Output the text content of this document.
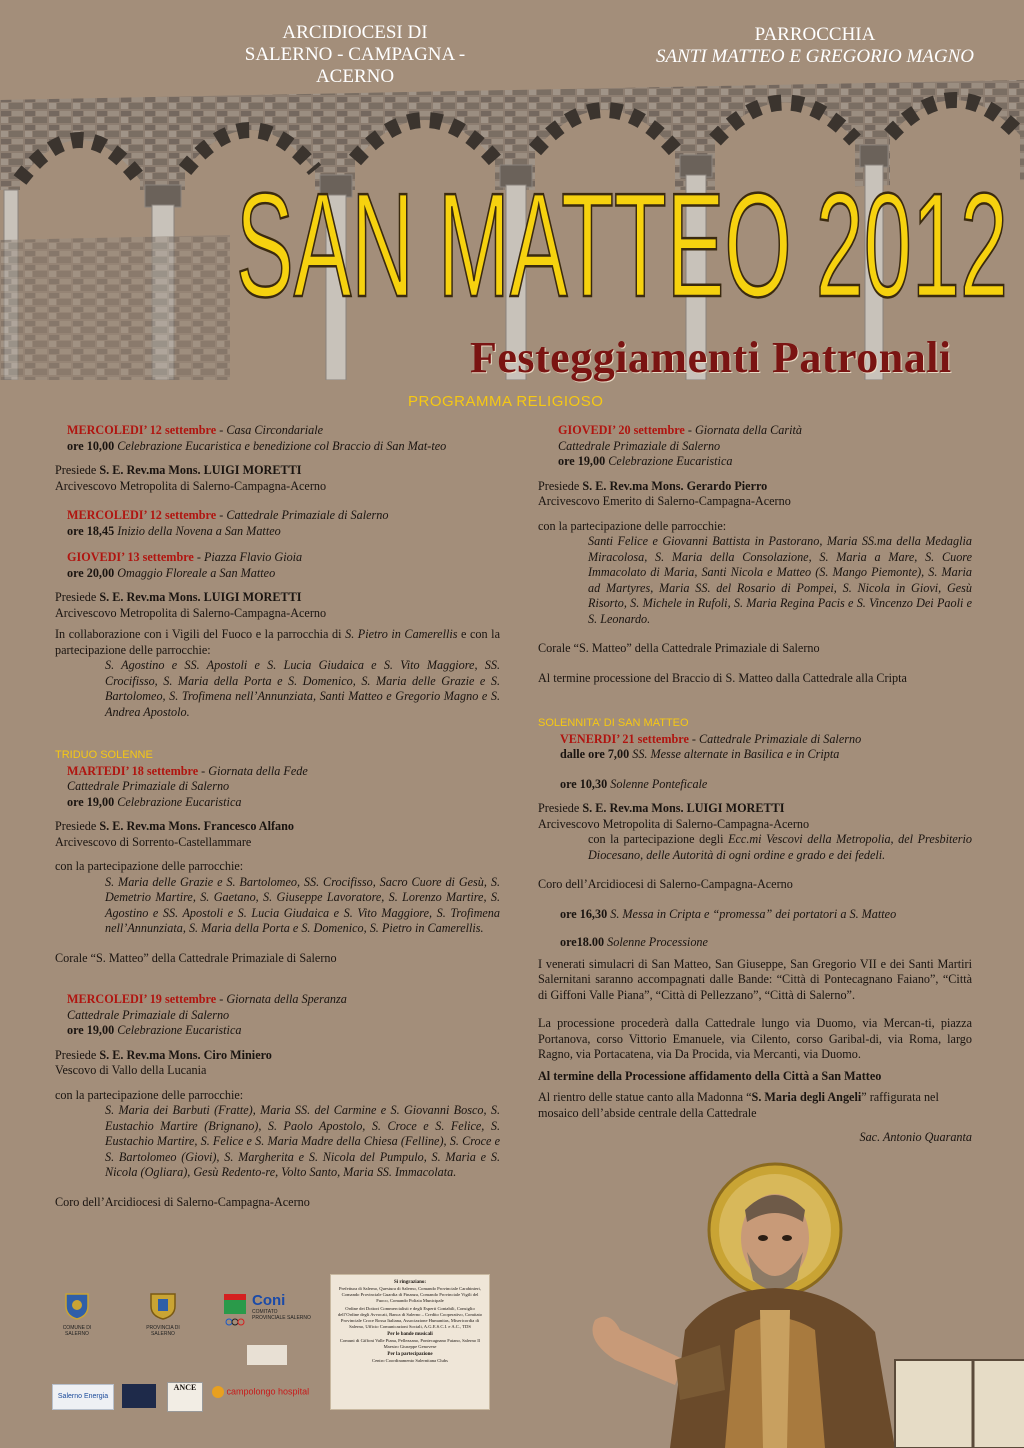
ARCIDIOCESI DI
SALERNO - CAMPAGNA - ACERNO
PARROCCHIA
SANTI MATTEO E GREGORIO MAGNO
SAN MATTEO 2012
Festeggiamenti Patronali
PROGRAMMA RELIGIOSO

MERCOLEDI’ 12 settembre - Casa Circondariale

ore 10,00 Celebrazione Eucaristica e benedizione col Braccio di San Mat-teo

Presiede S. E. Rev.ma Mons. LUIGI MORETTI

Arcivescovo Metropolita di Salerno-Campagna-Acerno

MERCOLEDI’ 12 settembre - Cattedrale Primaziale di Salerno

ore 18,45 Inizio della Novena a San Matteo

GIOVEDI’ 13 settembre - Piazza Flavio Gioia

ore 20,00 Omaggio Floreale a San Matteo

Presiede S. E. Rev.ma Mons. LUIGI MORETTI

Arcivescovo Metropolita di Salerno-Campagna-Acerno

In collaborazione con i Vigili del Fuoco e la parrocchia di S. Pietro in Camerellis e con la partecipazione delle parrocchie:

S. Agostino e SS. Apostoli e S. Lucia Giudaica e S. Vito Maggiore, SS. Crocifisso, S. Maria della Porta e S. Domenico, S. Maria delle Grazie e S. Bartolomeo, S. Trofimena nell’Annunziata, Santi Matteo e Gregorio Magno e S. Andrea Apostolo.

TRIDUO SOLENNE

MARTEDI’ 18 settembre - Giornata della Fede

Cattedrale Primaziale di Salerno

ore 19,00 Celebrazione Eucaristica

Presiede S. E. Rev.ma Mons. Francesco Alfano

Arcivescovo di Sorrento-Castellammare

con la partecipazione delle parrocchie:

S. Maria delle Grazie e S. Bartolomeo, SS. Crocifisso, Sacro Cuore di Gesù, S. Demetrio Martire, S. Gaetano, S. Giuseppe Lavoratore, S. Lorenzo Martire, S. Agostino e SS. Apostoli e S. Lucia Giudaica e S. Vito Maggiore, S. Trofimena nell’Annunziata, S. Maria della Porta e S. Domenico, S. Pietro in Camerellis.

Corale “S. Matteo” della Cattedrale Primaziale di Salerno

MERCOLEDI’ 19 settembre - Giornata della Speranza

Cattedrale Primaziale di Salerno

ore 19,00 Celebrazione Eucaristica

Presiede S. E. Rev.ma Mons. Ciro Miniero

Vescovo di Vallo della Lucania

con la partecipazione delle parrocchie:

S. Maria dei Barbuti (Fratte), Maria SS. del Carmine e S. Giovanni Bosco, S. Eustachio Martire (Brignano), S. Paolo Apostolo, S. Croce e S. Felice, S. Eustachio Martire, S. Felice e S. Maria Madre della Chiesa (Felline), S. Croce e S. Bartolomeo (Giovi), S. Margherita e S. Nicola del Pumpulo, S. Maria e S. Nicola (Ogliara), Gesù Redento-re, Volto Santo, Maria SS. Immacolata.

Coro dell’Arcidiocesi di Salerno-Campagna-Acerno

GIOVEDI’ 20 settembre - Giornata della Carità

Cattedrale Primaziale di Salerno

ore 19,00 Celebrazione Eucaristica

Presiede S. E. Rev.ma Mons. Gerardo Pierro

Arcivescovo Emerito di Salerno-Campagna-Acerno

con la partecipazione delle parrocchie:

Santi Felice e Giovanni Battista in Pastorano, Maria SS.ma della Medaglia Miracolosa, S. Maria della Consolazione, S. Maria a Mare, S. Cuore Immacolato di Maria, Santi Nicola e Matteo (S. Mango Piemonte), S. Maria ad Martyres, Maria SS. del Rosario di Pompei, S. Nicola in Giovi, Gesù Risorto, S. Michele in Rufoli, S. Maria Regina Pacis e S. Vincenzo Dei Paoli e S. Leonardo.

Corale “S. Matteo” della Cattedrale Primaziale di Salerno

Al termine processione del Braccio di S. Matteo dalla Cattedrale alla Cripta

SOLENNITA’ DI SAN MATTEO

VENERDI’ 21 settembre - Cattedrale Primaziale di Salerno

dalle ore 7,00 SS. Messe alternate in Basilica e in Cripta

ore 10,30 Solenne Ponteficale

Presiede S. E. Rev.ma Mons. LUIGI MORETTI

Arcivescovo Metropolita di Salerno-Campagna-Acerno

con la partecipazione degli Ecc.mi Vescovi della Metropolia, del Presbiterio Diocesano, delle Autorità di ogni ordine e grado e dei fedeli.

Coro dell’Arcidiocesi di Salerno-Campagna-Acerno

ore 16,30 S. Messa in Cripta e “promessa” dei portatori a S. Matteo

ore18.00 Solenne Processione

I venerati simulacri di San Matteo, San Giuseppe, San Gregorio VII e dei Santi Martiri Salernitani saranno accompagnati dalle Bande: “Città di Pontecagnano Faiano”, “Città di Giffoni Valle Piana”, “Città di Pellezzano”, “Città di Salerno”.

La processione procederà dalla Cattedrale lungo via Duomo, via Mercan-ti, piazza Portanova, corso Vittorio Emanuele, via Cilento, corso Garibal-di, via Roma, largo Ragno, via Portacatena, via Da Procida, via Mercanti, via Duomo.

Al termine della Processione affidamento della Città a San Matteo

Al rientro delle statue canto alla Madonna “S. Maria degli Angeli” raffigurata nel mosaico dell’abside centrale della Cattedrale

Sac. Antonio Quaranta

COMUNE DI SALERNO
PROVINCIA DI SALERNO
Coni
COMITATO PROVINCIALE SALERNO
Salerno Energia
ANCE	campolongo hospital
Si ringraziano:
Prefettura di Salerno, Questura di Salerno, Comando Provinciale Carabinieri, Comando Provinciale Guardia di Finanza, Comando Provinciale Vigili del Fuoco, Comando Polizia Municipale
Ordine dei Dottori Commercialisti e degli Esperti Contabili, Consiglio dell’Ordine degli Avvocati, Banca di Salerno – Credito Cooperativo, Comitato Provinciale Croce Rossa Italiana, Associazione Humanitas, Misericordia di Salerno, Ufficio Comunicazioni Sociali, A.G.E.S.C.I. e A.C., TDS
Per le bande musicali
Comuni di Giffoni Valle Piana, Pellezzano, Pontecagnano Faiano, Salerno Il Maestro Giuseppe Genovese
Per la partecipazione
Centro Coordinamento Salernitana Clubs
